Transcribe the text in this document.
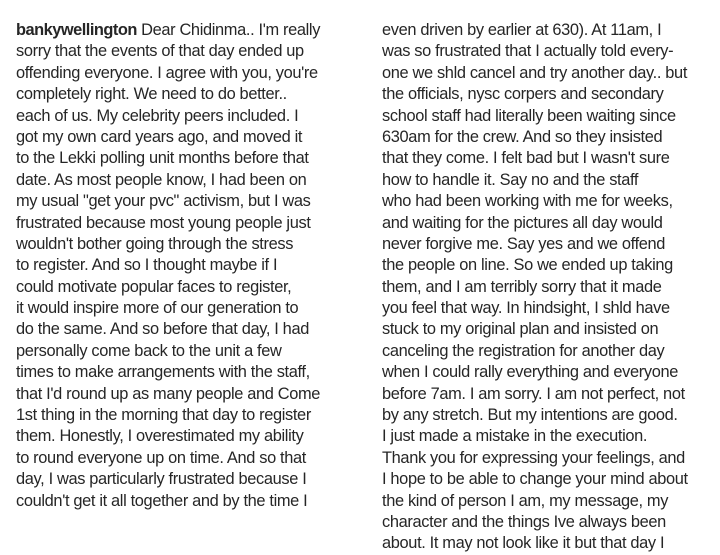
bankywellington Dear Chidinma.. I'm really
sorry that the events of that day ended up
offending everyone. I agree with you, you're
completely right. We need to do better..
each of us. My celebrity peers included. I
got my own card years ago, and moved it
to the Lekki polling unit months before that
date. As most people know, I had been on
my usual "get your pvc" activism, but I was
frustrated because most young people just
wouldn't bother going through the stress
to register. And so I thought maybe if I
could motivate popular faces to register,
it would inspire more of our generation to
do the same. And so before that day, I had
personally come back to the unit a few
times to make arrangements with the staff,
that I'd round up as many people and Come
1st thing in the morning that day to register
them. Honestly, I overestimated my ability
to round everyone up on time. And so that
day, I was particularly frustrated because I
couldn't get it all together and by the time I
even driven by earlier at 630). At 11am, I
was so frustrated that I actually told every-
one we shld cancel and try another day.. but
the officials, nysc corpers and secondary
school staff had literally been waiting since
630am for the crew. And so they insisted
that they come. I felt bad but I wasn't sure
how to handle it. Say no and the staff
who had been working with me for weeks,
and waiting for the pictures all day would
never forgive me. Say yes and we offend
the people on line. So we ended up taking
them, and I am terribly sorry that it made
you feel that way. In hindsight, I shld have
stuck to my original plan and insisted on
canceling the registration for another day
when I could rally everything and everyone
before 7am. I am sorry. I am not perfect, not
by any stretch. But my intentions are good.
I just made a mistake in the execution.
Thank you for expressing your feelings, and
I hope to be able to change your mind about
the kind of person I am, my message, my
character and the things Ive always been
about. It may not look like it but that day I
